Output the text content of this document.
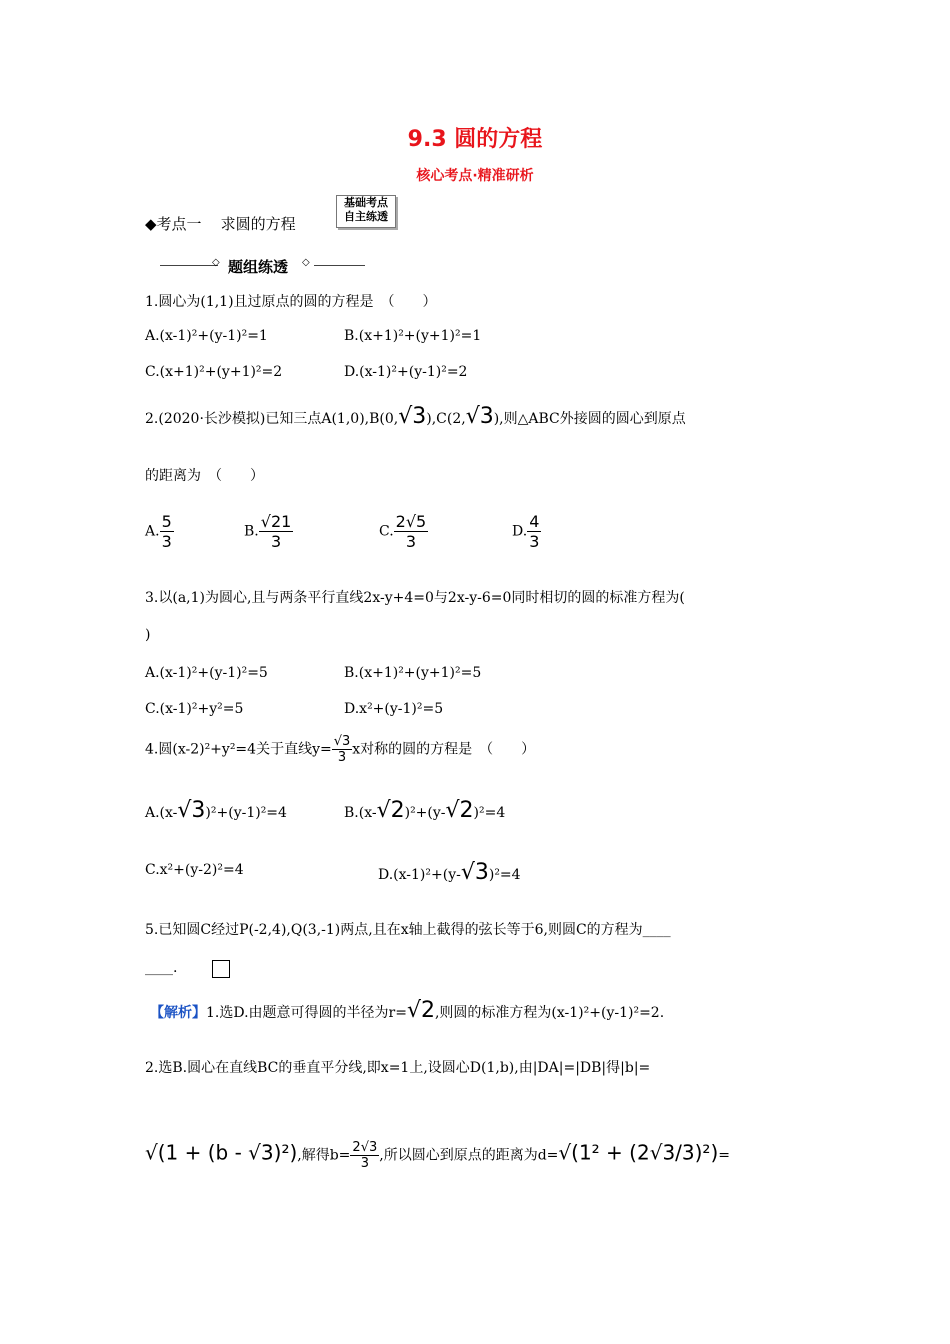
9.3 圆的方程
核心考点·精准研析
◆考点一 求圆的方程
基础考点
自主练透
◇ 题组练透 ◇
1.圆心为(1,1)且过原点的圆的方程是　（　　）
A.(x-1)²+(y-1)²=1	B.(x+1)²+(y+1)²=1
C.(x+1)²+(y+1)²=2	D.(x-1)²+(y-1)²=2
2.(2020·长沙模拟)已知三点A(1,0),B(0,√3),C(2,√3),则△ABC外接圆的圆心到原点
的距离为　（　　）
A. $\frac{5}{3}$	B. $\frac{√21}{3}$	C. $\frac{2√5}{3}$	D. $\frac{4}{3}$
3.以(a,1)为圆心,且与两条平行直线2x-y+4=0与2x-y-6=0同时相切的圆的标准方程为(
)
A.(x-1)²+(y-1)²=5	B.(x+1)²+(y+1)²=5
C.(x-1)²+y²=5	D.x²+(y-1)²=5
4.圆(x-2)²+y²=4关于直线$y= \frac{√3}{3}$ x对称的圆的方程是　（　　）
A.(x-√3)²+(y-1)²=4	B.(x-√2)²+(y-√2)²=4
C.x²+(y-2)²=4	D.(x-1)²+(y-√3)²=4
5.已知圆C经过P(-2,4),Q(3,-1)两点,且在x轴上截得的弦长等于6,则圆C的方程为____
____.
【解析】1.选D.由题意可得圆的半径为r=√2,则圆的标准方程为(x-1)²+(y-1)²=2.
2.选B.圆心在直线BC的垂直平分线,即x=1上,设圆心D(1,b),由|DA|=|DB|得|b|=
√(1 + (b - √3)²),解得$b= \frac{2√3}{3}$ ,所以圆心到原点的距离为d=√(1² + (2√3/3)²)=
